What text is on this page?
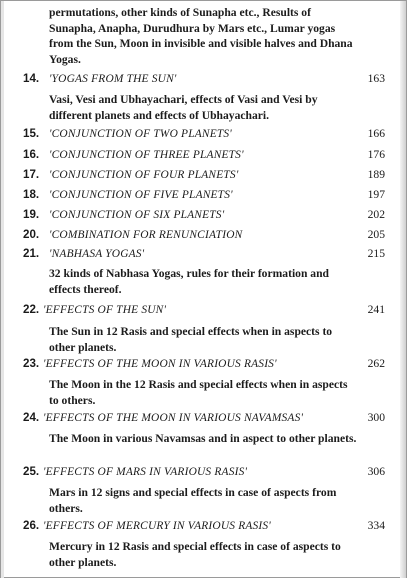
permutations, other kinds of Sunapha etc., Results of Sunapha, Anapha, Durudhura by Mars etc., Lumar yogas from the Sun, Moon in invisible and visible halves and Dhana Yogas.
14. 'YOGAS FROM THE SUN'	163
Vasi, Vesi and Ubhayachari, effects of Vasi and Vesi by different planets and effects of Ubhayachari.
15. 'CONJUNCTION OF TWO PLANETS'	166
16. 'CONJUNCTION OF THREE PLANETS'	176
17. 'CONJUNCTION OF FOUR PLANETS'	189
18. 'CONJUNCTION OF FIVE PLANETS'	197
19. 'CONJUNCTION OF SIX PLANETS'	202
20. 'COMBINATION FOR RENUNCIATION	205
21. 'NABHASA YOGAS'	215
32 kinds of Nabhasa Yogas, rules for their formation and effects thereof.
22. 'EFFECTS OF THE SUN'	241
The Sun in 12 Rasis and special effects when in aspects to other planets.
23. 'EFFECTS OF THE MOON IN VARIOUS RASIS'	262
The Moon in the 12 Rasis and special effects when in aspects to others.
24. 'EFFECTS OF THE MOON IN VARIOUS NAVAMSAS'	300
The Moon in various Navamsas and in aspect to other planets.
25. 'EFFECTS OF MARS IN VARIOUS RASIS'	306
Mars in 12 signs and special effects in case of aspects from others.
26. 'EFFECTS OF MERCURY IN VARIOUS RASIS'	334
Mercury in 12 Rasis and special effects in case of aspects to other planets.
